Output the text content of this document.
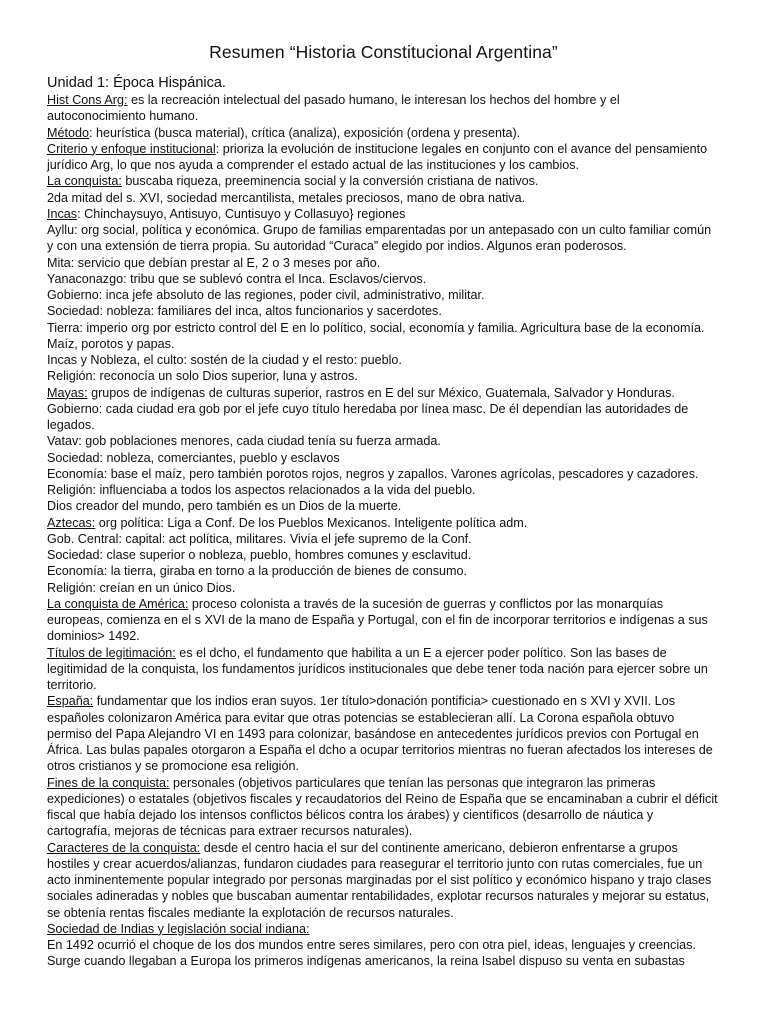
Resumen “Historia Constitucional Argentina”
Unidad 1: Época Hispánica.

Hist Cons Arg: es la recreación intelectual del pasado humano, le interesan los hechos del hombre y el autoconocimiento humano.

Método: heurística (busca material), crítica (analiza), exposición (ordena y presenta).

Criterio y enfoque institucional: prioriza la evolución de institucione legales en conjunto con el avance del pensamiento jurídico Arg, lo que nos ayuda a comprender el estado actual de las instituciones y los cambios.

La conquista: buscaba riqueza, preeminencia social y la conversión cristiana de nativos.

2da mitad del s. XVI, sociedad mercantilista, metales preciosos, mano de obra nativa.

Incas: Chinchaysuyo, Antisuyo, Cuntisuyo y Collasuyo} regiones

Ayllu: org social, política y económica. Grupo de familias emparentadas por un antepasado con un culto familiar común y con una extensión de tierra propia. Su autoridad “Curaca” elegido por indios. Algunos eran poderosos.

Mita: servicio que debían prestar al E, 2 o 3 meses por año.

Yanaconazgo: tribu que se sublevó contra el Inca. Esclavos/ciervos.

Gobierno: inca jefe absoluto de las regiones, poder civil, administrativo, militar.

Sociedad: nobleza: familiares del inca, altos funcionarios y sacerdotes.

Tierra: imperio org por estricto control del E en lo político, social, economía y familia. Agricultura base de la economía. Maíz, porotos y papas.

Incas y Nobleza, el culto: sostén de la ciudad y el resto: pueblo.

Religión: reconocía un solo Dios superior, luna y astros.

Mayas: grupos de indígenas de culturas superior, rastros en E del sur México, Guatemala, Salvador y Honduras.

Gobierno: cada ciudad era gob por el jefe cuyo título heredaba por línea masc. De él dependían las autoridades de legados.

Vatav: gob poblaciones menores, cada ciudad tenía su fuerza armada.

Sociedad: nobleza, comerciantes, pueblo y esclavos

Economía: base el maíz, pero también porotos rojos, negros y zapallos. Varones agrícolas, pescadores y cazadores.

Religión: influenciaba a todos los aspectos relacionados a la vida del pueblo.

Dios creador del mundo, pero también es un Dios de la muerte.

Aztecas: org política: Liga a Conf. De los Pueblos Mexicanos. Inteligente política adm.

Gob. Central: capital: act política, militares. Vivía el jefe supremo de la Conf.

Sociedad: clase superior o nobleza, pueblo, hombres comunes y esclavitud.

Economía: la tierra, giraba en torno a la producción de bienes de consumo.

Religión: creían en un único Dios.

La conquista de América: proceso colonista a través de la sucesión de guerras y conflictos por las monarquías europeas, comienza en el s XVI de la mano de España y Portugal, con el fin de incorporar territorios e indígenas a sus dominios> 1492.

Títulos de legitimación: es el dcho, el fundamento que habilita a un E a ejercer poder político. Son las bases de legitimidad de la conquista, los fundamentos jurídicos institucionales que debe tener toda nación para ejercer sobre un territorio.

España: fundamentar que los indios eran suyos. 1er título>donación pontificia> cuestionado en s XVI y XVII. Los españoles colonizaron América para evitar que otras potencias se establecieran allí. La Corona española obtuvo permiso del Papa Alejandro VI en 1493 para colonizar, basándose en antecedentes jurídicos previos con Portugal en África. Las bulas papales otorgaron a España el dcho a ocupar territorios mientras no fueran afectados los intereses de otros cristianos y se promocione esa religión.

Fines de la conquista: personales (objetivos particulares que tenían las personas que integraron las primeras expediciones) o estatales (objetivos fiscales y recaudatorios del Reino de España que se encaminaban a cubrir el déficit fiscal que había dejado los intensos conflictos bélicos contra los árabes) y científicos (desarrollo de náutica y cartografía, mejoras de técnicas para extraer recursos naturales).

Caracteres de la conquista: desde el centro hacia el sur del continente americano, debieron enfrentarse a grupos hostiles y crear acuerdos/alianzas, fundaron ciudades para reasegurar el territorio junto con rutas comerciales, fue un acto inminentemente popular integrado por personas marginadas por el sist político y económico hispano y trajo clases sociales adineradas y nobles que buscaban aumentar rentabilidades, explotar recursos naturales y mejorar su estatus, se obtenía rentas fiscales mediante la explotación de recursos naturales.

Sociedad de Indias y legislación social indiana:

En 1492 ocurrió el choque de los dos mundos entre seres similares, pero con otra piel, ideas, lenguajes y creencias. Surge cuando llegaban a Europa los primeros indígenas americanos, la reina Isabel dispuso su venta en subastas
